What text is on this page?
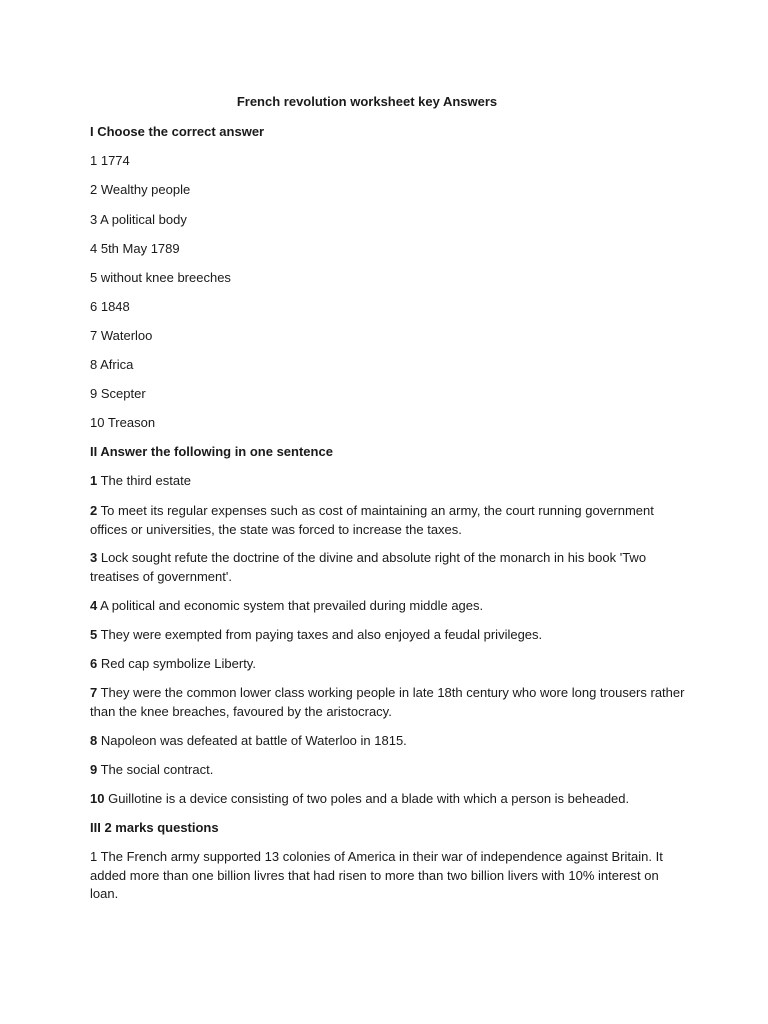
French revolution worksheet key Answers
I Choose the correct answer
1 1774
2 Wealthy people
3 A political body
4 5th May 1789
5 without knee breeches
6 1848
7 Waterloo
8 Africa
9 Scepter
10 Treason
II Answer the following in one sentence
1 The third estate
2 To meet its regular expenses such as cost of maintaining an army, the court running government offices or universities, the state was forced to increase the taxes.
3 Lock sought refute the doctrine of the divine and absolute right of the monarch in his book 'Two treatises of government'.
4 A political and economic system that prevailed during middle ages.
5 They were exempted from paying taxes and also enjoyed a feudal privileges.
6 Red cap symbolize Liberty.
7 They were the common lower class working people in late 18th century who wore long trousers rather than the knee breaches, favoured by the aristocracy.
8 Napoleon was defeated at battle of Waterloo in 1815.
9 The social contract.
10 Guillotine is a device consisting of two poles and a blade with which a person is beheaded.
III 2 marks questions
1 The French army supported 13 colonies of America in their war of independence against Britain. It added more than one billion livres that had risen to more than two billion livers with 10% interest on loan.
